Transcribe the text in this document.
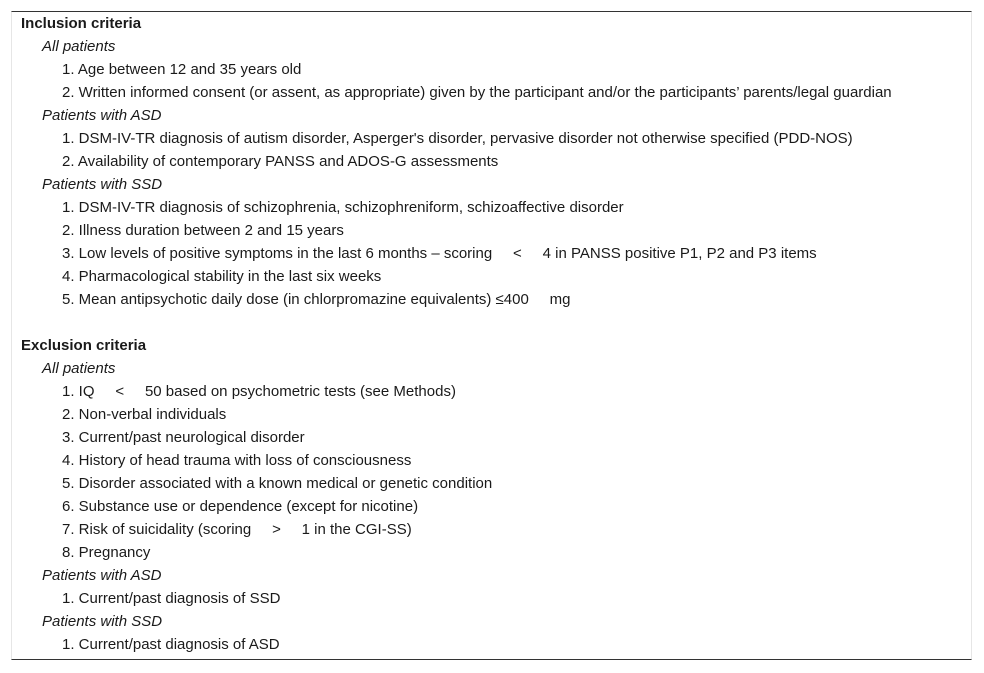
Inclusion criteria
All patients
1. Age between 12 and 35 years old
2. Written informed consent (or assent, as appropriate) given by the participant and/or the participants’ parents/legal guardian
Patients with ASD
1. DSM-IV-TR diagnosis of autism disorder, Asperger's disorder, pervasive disorder not otherwise specified (PDD-NOS)
2. Availability of contemporary PANSS and ADOS-G assessments
Patients with SSD
1. DSM-IV-TR diagnosis of schizophrenia, schizophreniform, schizoaffective disorder
2. Illness duration between 2 and 15 years
3. Low levels of positive symptoms in the last 6 months – scoring     <     4 in PANSS positive P1, P2 and P3 items
4. Pharmacological stability in the last six weeks
5. Mean antipsychotic daily dose (in chlorpromazine equivalents) ≤400     mg
Exclusion criteria
All patients
1. IQ     <     50 based on psychometric tests (see Methods)
2. Non-verbal individuals
3. Current/past neurological disorder
4. History of head trauma with loss of consciousness
5. Disorder associated with a known medical or genetic condition
6. Substance use or dependence (except for nicotine)
7. Risk of suicidality (scoring     >     1 in the CGI-SS)
8. Pregnancy
Patients with ASD
1. Current/past diagnosis of SSD
Patients with SSD
1. Current/past diagnosis of ASD
